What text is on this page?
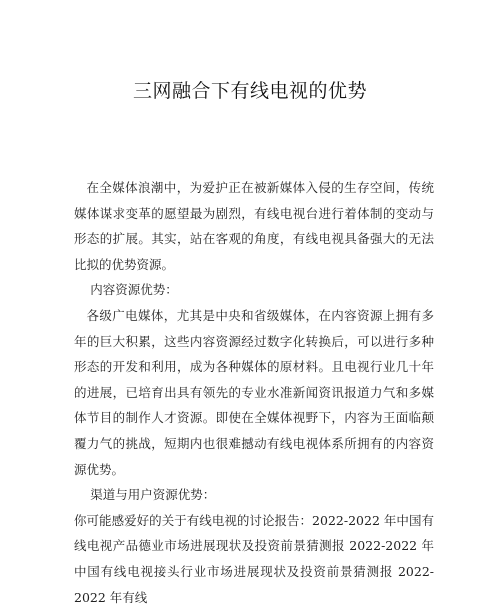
三网融合下有线电视的优势

在全媒体浪潮中，为爱护正在被新媒体入侵的生存空间，传统媒体谋求变革的愿望最为剧烈，有线电视台进行着体制的变动与形态的扩展。其实，站在客观的角度，有线电视具备强大的无法比拟的优势资源。

内容资源优势：

各级广电媒体，尤其是中央和省级媒体，在内容资源上拥有多年的巨大积累，这些内容资源经过数字化转换后，可以进行多种形态的开发和利用，成为各种媒体的原材料。且电视行业几十年的进展，已培育出具有领先的专业水准新闻资讯报道力气和多媒体节目的制作人才资源。即使在全媒体视野下，内容为王面临颠覆力气的挑战，短期内也很难撼动有线电视体系所拥有的内容资源优势。

渠道与用户资源优势：

你可能感爱好的关于有线电视的讨论报告：2022-2022 年中国有线电视产品德业市场进展现状及投资前景猜测报 2022-2022 年中国有线电视接头行业市场进展现状及投资前景猜测报 2022-2022 年有线
